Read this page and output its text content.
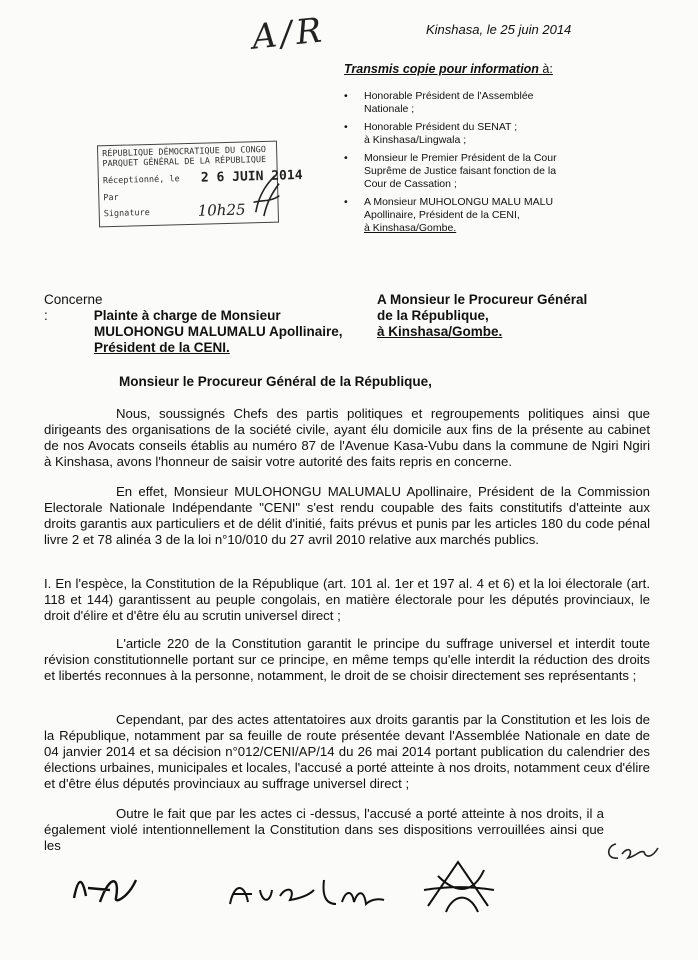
A/R	Kinshasa, le 25 juin 2014
Transmis copie pour information à:
• Honorable Président de l'Assemblée
Nationale ;
• Honorable Président du SENAT ;
à Kinshasa/Lingwala ;
• Monsieur le Premier Président de la Cour
Suprême de Justice faisant fonction de la
Cour de Cassation ;
• A Monsieur MUHOLONGU MALU MALU
Apollinaire, Président de la CENI,
à Kinshasa/Gombe.
RÉPUBLIQUE DÉMOCRATIQUE DU CONGO
PARQUET GÉNÉRAL DE LA RÉPUBLIQUE
Réceptionné, le 2 6 JUIN 2014
Par
Signature	10h25
Concerne :	Plainte à charge de Monsieur
MULOHONGU MALUMALU Apollinaire,
Président de la CENI.
A Monsieur le Procureur Général
de la République,
à Kinshasa/Gombe.
Monsieur le Procureur Général de la République,
Nous, soussignés Chefs des partis politiques et regroupements politiques ainsi que dirigeants des organisations de la société civile, ayant élu domicile aux fins de la présente au cabinet de nos Avocats conseils établis au numéro 87 de l'Avenue Kasa-Vubu dans la commune de Ngiri Ngiri à Kinshasa, avons l'honneur de saisir votre autorité des faits repris en concerne.
En effet, Monsieur MULOHONGU MALUMALU Apollinaire, Président de la Commission Electorale Nationale Indépendante "CENI" s'est rendu coupable des faits constitutifs d'atteinte aux droits garantis aux particuliers et de délit d'initié, faits prévus et punis par les articles 180 du code pénal livre 2 et 78 alinéa 3 de la loi n°10/010 du 27 avril 2010 relative aux marchés publics.
I. En l'espèce, la Constitution de la République (art. 101 al. 1er et 197 al. 4 et 6) et la loi électorale (art. 118 et 144) garantissent au peuple congolais, en matière électorale pour les députés provinciaux, le droit d'élire et d'être élu au scrutin universel direct ;
L'article 220 de la Constitution garantit le principe du suffrage universel et interdit toute révision constitutionnelle portant sur ce principe, en même temps qu'elle interdit la réduction des droits et libertés reconnues à la personne, notamment, le droit de se choisir directement ses représentants ;
Cependant, par des actes attentatoires aux droits garantis par la Constitution et les lois de la République, notamment par sa feuille de route présentée devant l'Assemblée Nationale en date de 04 janvier 2014 et sa décision n°012/CENI/AP/14 du 26 mai 2014 portant publication du calendrier des élections urbaines, municipales et locales, l'accusé a porté atteinte à nos droits, notamment ceux d'élire et d'être élus députés provinciaux au suffrage universel direct ;
Outre le fait que par les actes ci -dessus, l'accusé a porté atteinte à nos droits, il a également violé intentionnellement la Constitution dans ses dispositions verrouillées ainsi que les
